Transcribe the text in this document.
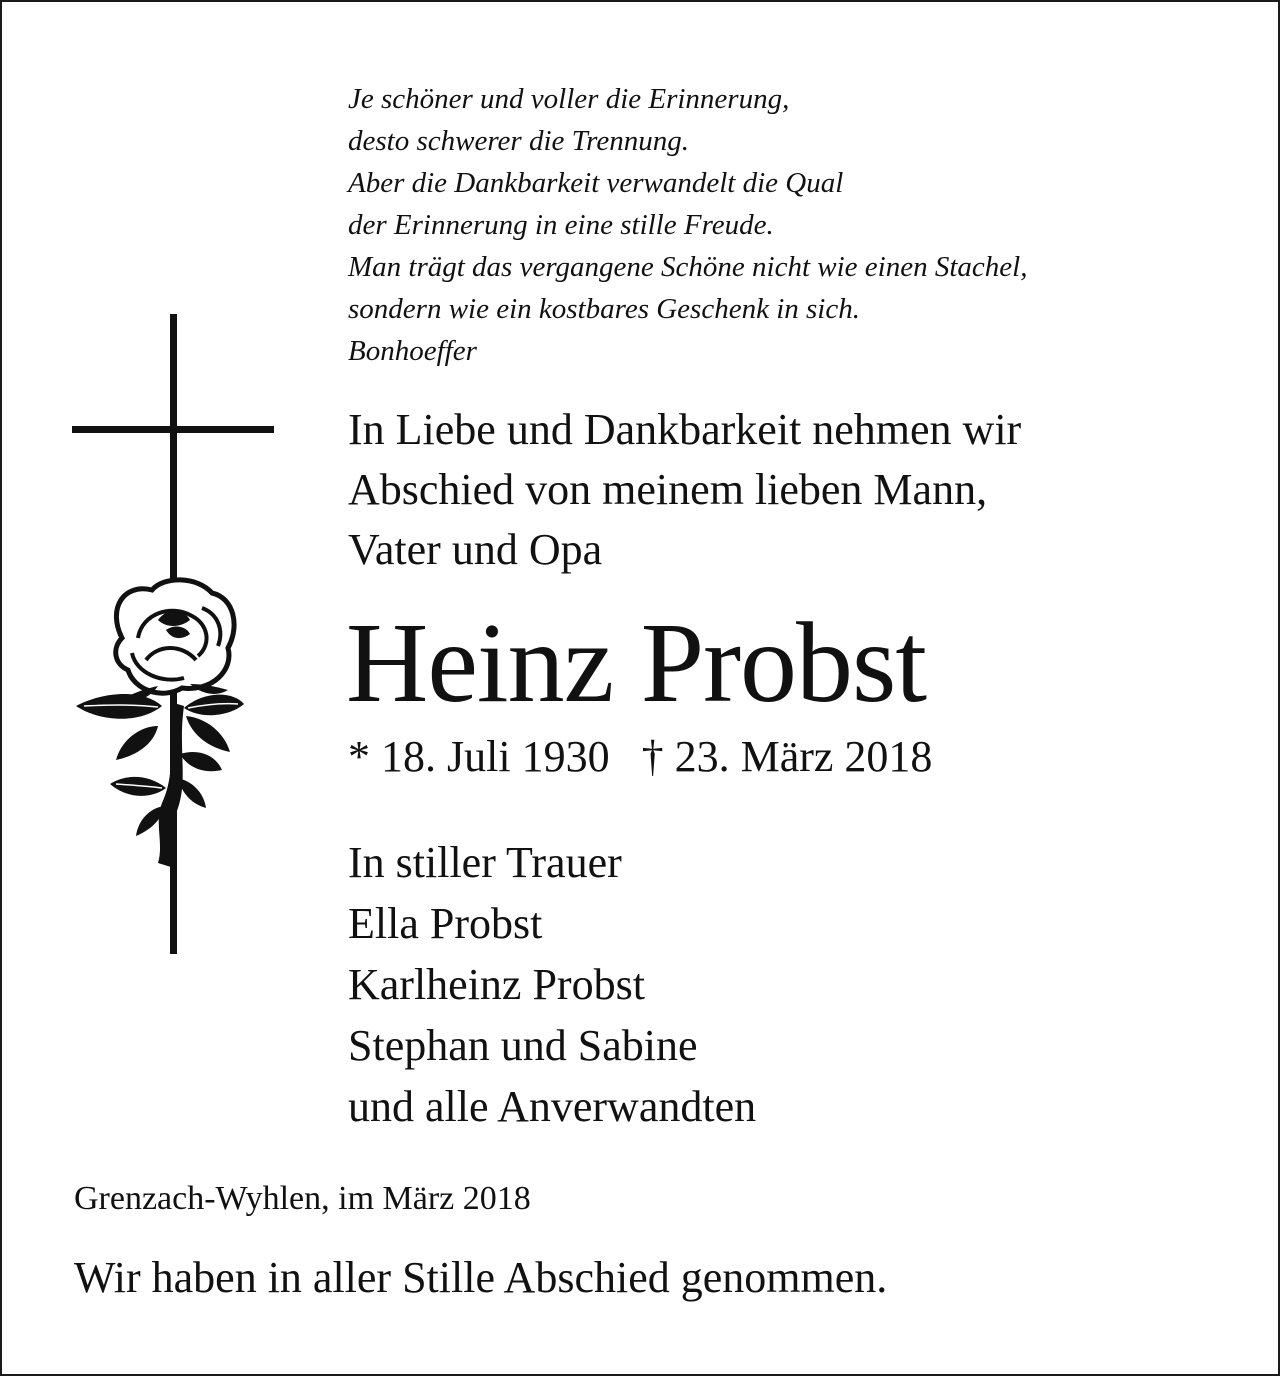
Je schöner und voller die Erinnerung,
desto schwerer die Trennung.
Aber die Dankbarkeit verwandelt die Qual
der Erinnerung in eine stille Freude.
Man trägt das vergangene Schöne nicht wie einen Stachel,
sondern wie ein kostbares Geschenk in sich.
Bonhoeffer
In Liebe und Dankbarkeit nehmen wir
Abschied von meinem lieben Mann,
Vater und Opa
Heinz Probst
* 18. Juli 1930 † 23. März 2018
In stiller Trauer
Ella Probst
Karlheinz Probst
Stephan und Sabine
und alle Anverwandten
Grenzach-Wyhlen, im März 2018
Wir haben in aller Stille Abschied genommen.
